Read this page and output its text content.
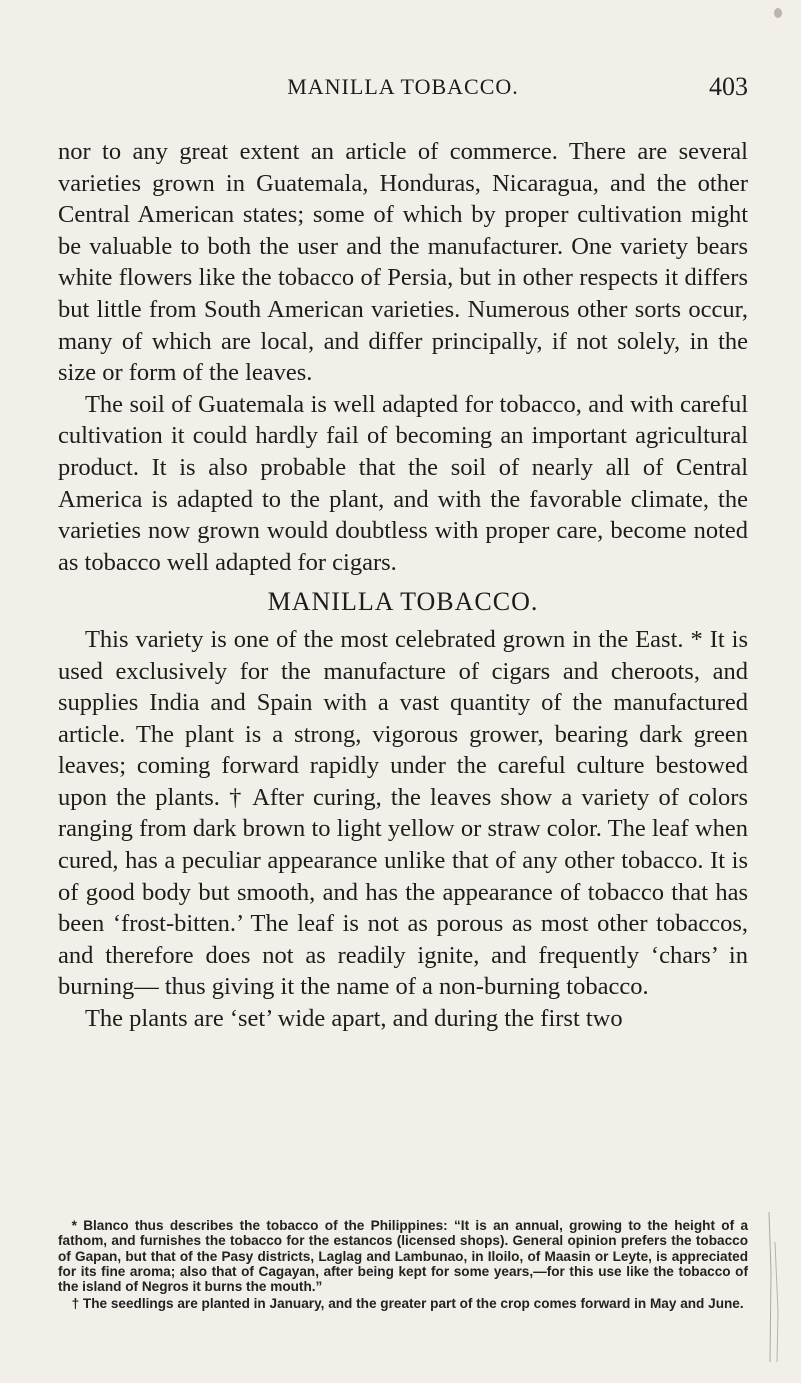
MANILLA TOBACCO.	403

nor to any great extent an article of commerce. There are several varieties grown in Guatemala, Honduras, Nicaragua, and the other Central American states; some of which by proper cultivation might be valuable to both the user and the manufacturer. One variety bears white flowers like the tobacco of Persia, but in other respects it differs but little from South American varieties. Numerous other sorts occur, many of which are local, and differ principally, if not solely, in the size or form of the leaves.

The soil of Guatemala is well adapted for tobacco, and with careful cultivation it could hardly fail of becoming an important agricultural product. It is also probable that the soil of nearly all of Central America is adapted to the plant, and with the favorable climate, the varieties now grown would doubtless with proper care, become noted as tobacco well adapted for cigars.

MANILLA TOBACCO.

This variety is one of the most celebrated grown in the East. * It is used exclusively for the manufacture of cigars and cheroots, and supplies India and Spain with a vast quantity of the manufactured article. The plant is a strong, vigorous grower, bearing dark green leaves; coming forward rapidly under the careful culture bestowed upon the plants. † After curing, the leaves show a variety of colors ranging from dark brown to light yellow or straw color. The leaf when cured, has a peculiar appearance unlike that of any other tobacco. It is of good body but smooth, and has the appearance of tobacco that has been ‘frost-bitten.’ The leaf is not as porous as most other tobaccos, and therefore does not as readily ignite, and frequently ‘chars’ in burning— thus giving it the name of a non-burning tobacco.

The plants are ‘set’ wide apart, and during the first two

* Blanco thus describes the tobacco of the Philippines: “It is an annual, growing to the height of a fathom, and furnishes the tobacco for the estancos (licensed shops). General opinion prefers the tobacco of Gapan, but that of the Pasy districts, Laglag and Lambunao, in Iloilo, of Maasin or Leyte, is appreciated for its fine aroma; also that of Cagayan, after being kept for some years,—for this use like the tobacco of the island of Negros it burns the mouth.”

† The seedlings are planted in January, and the greater part of the crop comes forward in May and June.
